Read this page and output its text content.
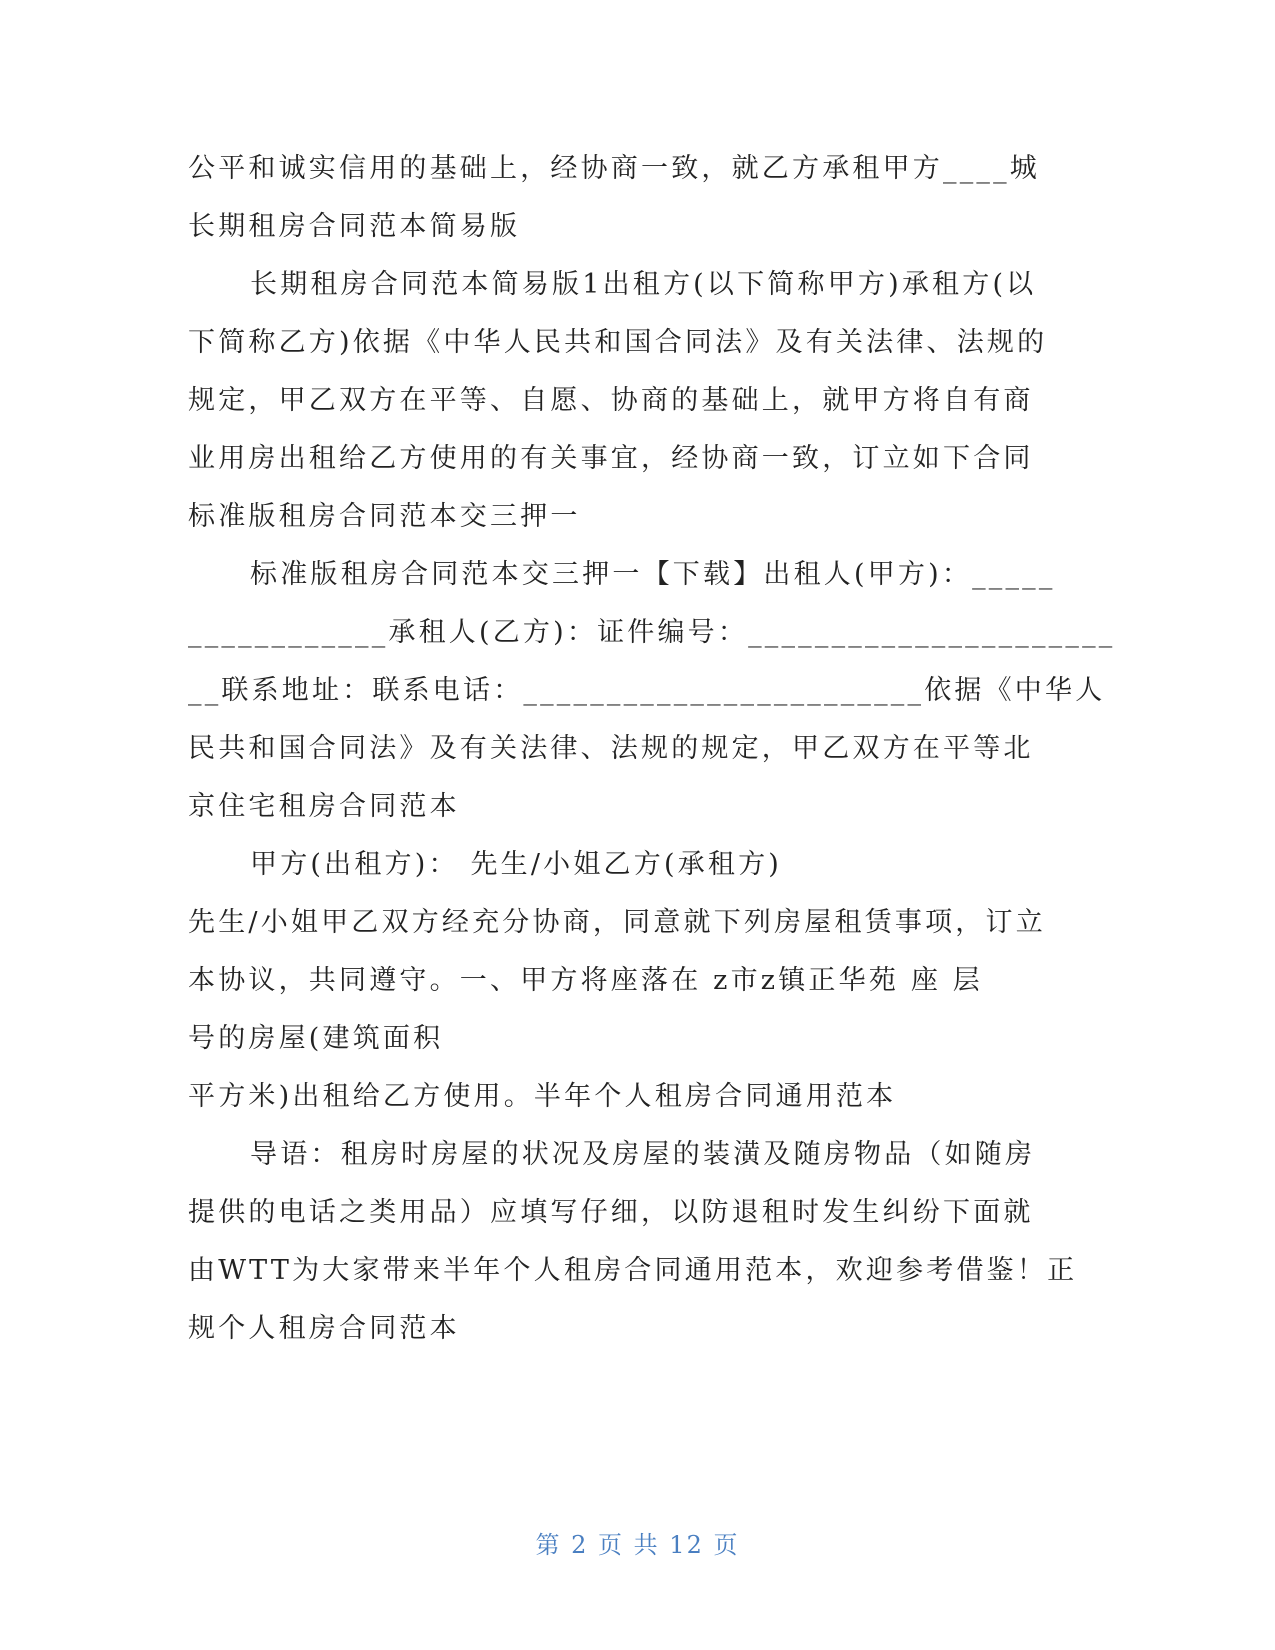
公平和诚实信用的基础上，经协商一致，就乙方承租甲方____城
长期租房合同范本简易版
长期租房合同范本简易版1出租方(以下简称甲方)承租方(以
下简称乙方)依据《中华人民共和国合同法》及有关法律、法规的
规定，甲乙双方在平等、自愿、协商的基础上，就甲方将自有商
业用房出租给乙方使用的有关事宜，经协商一致，订立如下合同
标准版租房合同范本交三押一
标准版租房合同范本交三押一【下载】出租人(甲方)：_____
____________承租人(乙方)：证件编号：______________________
__联系地址：联系电话：________________________依据《中华人
民共和国合同法》及有关法律、法规的规定，甲乙双方在平等北
京住宅租房合同范本
甲方(出租方)： 先生/小姐乙方(承租方)
先生/小姐甲乙双方经充分协商，同意就下列房屋租赁事项，订立
本协议，共同遵守。一、甲方将座落在 z市z镇正华苑 座 层
号的房屋(建筑面积
平方米)出租给乙方使用。半年个人租房合同通用范本
导语：租房时房屋的状况及房屋的装潢及随房物品（如随房
提供的电话之类用品）应填写仔细，以防退租时发生纠纷下面就
由WTT为大家带来半年个人租房合同通用范本，欢迎参考借鉴！正
规个人租房合同范本
第 2 页 共 12 页
